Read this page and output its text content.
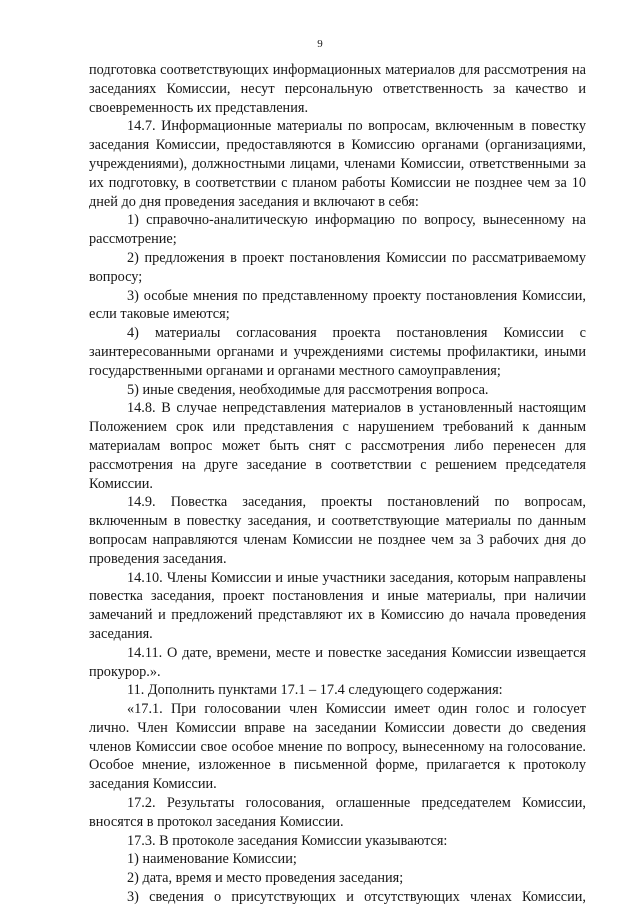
9

подготовка соответствующих информационных материалов для рассмотрения на заседаниях Комиссии, несут персональную ответственность за качество и своевременность их представления.

14.7. Информационные материалы по вопросам, включенным в повестку заседания Комиссии, предоставляются в Комиссию органами (организациями, учреждениями), должностными лицами, членами Комиссии, ответственными за их подготовку, в соответствии с планом работы Комиссии не позднее чем за 10 дней до дня проведения заседания и включают в себя:

1) справочно-аналитическую информацию по вопросу, вынесенному на рассмотрение;

2) предложения в проект постановления Комиссии по рассматриваемому вопросу;

3) особые мнения по представленному проекту постановления Комиссии, если таковые имеются;

4) материалы согласования проекта постановления Комиссии с заинтересованными органами и учреждениями системы профилактики, иными государственными органами и органами местного самоуправления;

5) иные сведения, необходимые для рассмотрения вопроса.

14.8. В случае непредставления материалов в установленный настоящим Положением срок или представления с нарушением требований к данным материалам вопрос может быть снят с рассмотрения либо перенесен для рассмотрения на друге заседание в соответствии с решением председателя Комиссии.

14.9. Повестка заседания, проекты постановлений по вопросам, включенным в повестку заседания, и соответствующие материалы по данным вопросам направляются членам Комиссии не позднее чем за 3 рабочих дня до проведения заседания.

14.10. Члены Комиссии и иные участники заседания, которым направлены повестка заседания, проект постановления и иные материалы, при наличии замечаний и предложений представляют их в Комиссию до начала проведения заседания.

14.11. О дате, времени, месте и повестке заседания Комиссии извещается прокурор.».

11. Дополнить пунктами 17.1 – 17.4 следующего содержания:

«17.1. При голосовании член Комиссии имеет один голос и голосует лично. Член Комиссии вправе на заседании Комиссии довести до сведения членов Комиссии свое особое мнение по вопросу, вынесенному на голосование. Особое мнение, изложенное в письменной форме, прилагается к протоколу заседания Комиссии.

17.2. Результаты голосования, оглашенные председателем Комиссии, вносятся в протокол заседания Комиссии.

17.3. В протоколе заседания Комиссии указываются:

1) наименование Комиссии;

2) дата, время и место проведения заседания;

3) сведения о присутствующих и отсутствующих членах Комиссии,
